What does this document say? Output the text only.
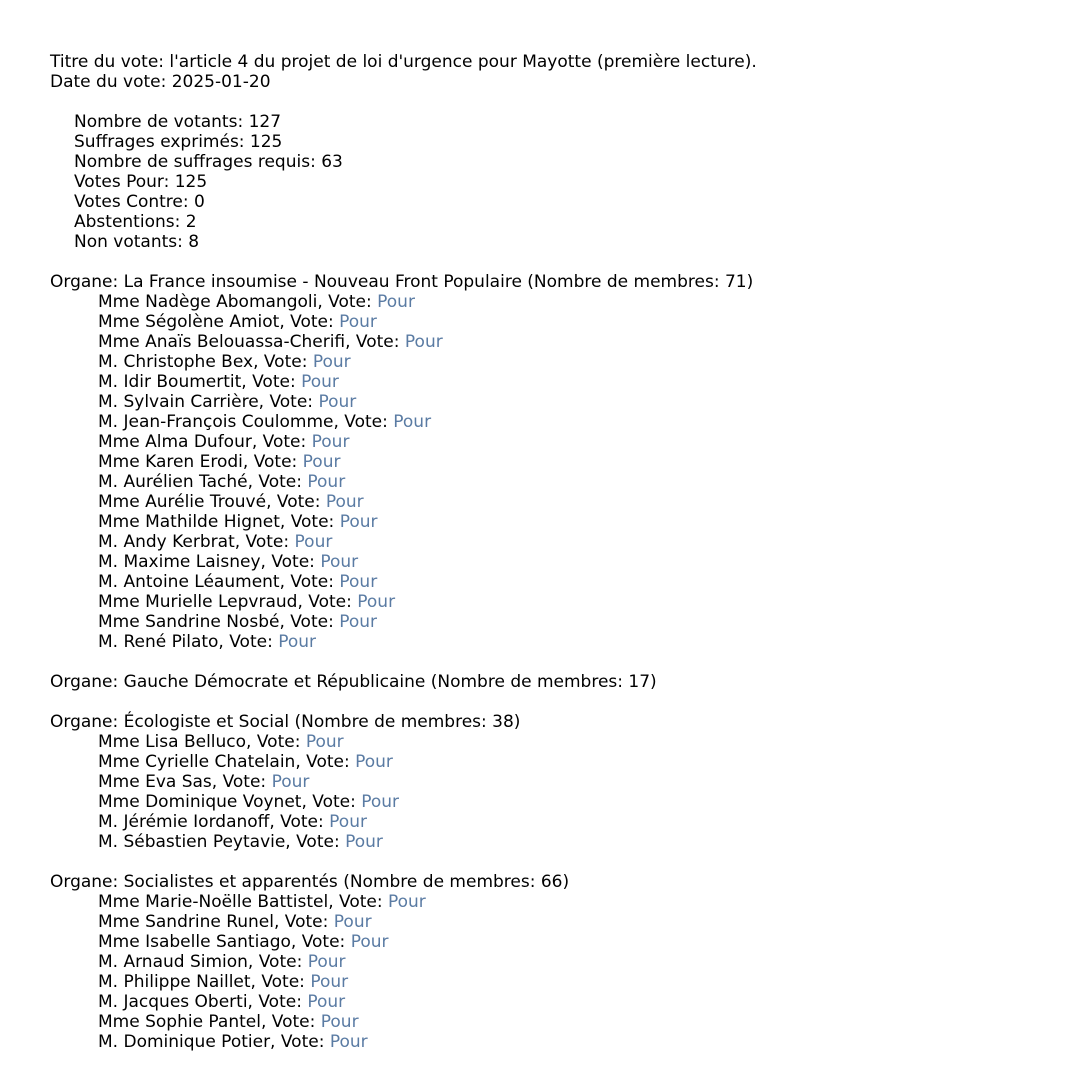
Titre du vote: l'article 4 du projet de loi d'urgence pour Mayotte (première lecture).
Date du vote: 2025-01-20
Nombre de votants: 127
Suffrages exprimés: 125
Nombre de suffrages requis: 63
Votes Pour: 125
Votes Contre: 0
Abstentions: 2
Non votants: 8
Organe: La France insoumise - Nouveau Front Populaire (Nombre de membres: 71)
Mme Nadège Abomangoli, Vote: Pour
Mme Ségolène Amiot, Vote: Pour
Mme Anaïs Belouassa-Cherifi, Vote: Pour
M. Christophe Bex, Vote: Pour
M. Idir Boumertit, Vote: Pour
M. Sylvain Carrière, Vote: Pour
M. Jean-François Coulomme, Vote: Pour
Mme Alma Dufour, Vote: Pour
Mme Karen Erodi, Vote: Pour
M. Aurélien Taché, Vote: Pour
Mme Aurélie Trouvé, Vote: Pour
Mme Mathilde Hignet, Vote: Pour
M. Andy Kerbrat, Vote: Pour
M. Maxime Laisney, Vote: Pour
M. Antoine Léaument, Vote: Pour
Mme Murielle Lepvraud, Vote: Pour
Mme Sandrine Nosbé, Vote: Pour
M. René Pilato, Vote: Pour
Organe: Gauche Démocrate et Républicaine (Nombre de membres: 17)
Organe: Écologiste et Social (Nombre de membres: 38)
Mme Lisa Belluco, Vote: Pour
Mme Cyrielle Chatelain, Vote: Pour
Mme Eva Sas, Vote: Pour
Mme Dominique Voynet, Vote: Pour
M. Jérémie Iordanoff, Vote: Pour
M. Sébastien Peytavie, Vote: Pour
Organe: Socialistes et apparentés (Nombre de membres: 66)
Mme Marie-Noëlle Battistel, Vote: Pour
Mme Sandrine Runel, Vote: Pour
Mme Isabelle Santiago, Vote: Pour
M. Arnaud Simion, Vote: Pour
M. Philippe Naillet, Vote: Pour
M. Jacques Oberti, Vote: Pour
Mme Sophie Pantel, Vote: Pour
M. Dominique Potier, Vote: Pour
